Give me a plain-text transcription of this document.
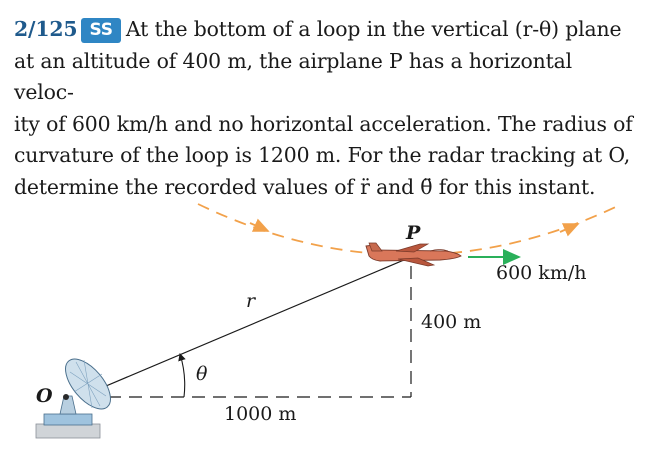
2/125 SS At the bottom of a loop in the vertical (r-θ) plane
at an altitude of 400 m, the airplane P has a horizontal veloc-
ity of 600 km/h and no horizontal acceleration. The radius of
curvature of the loop is 1200 m. For the radar tracking at O,
determine the recorded values of r̈ and θ̈ for this instant.
P
600 km/h
400 m
1000 m
r
θ
O
